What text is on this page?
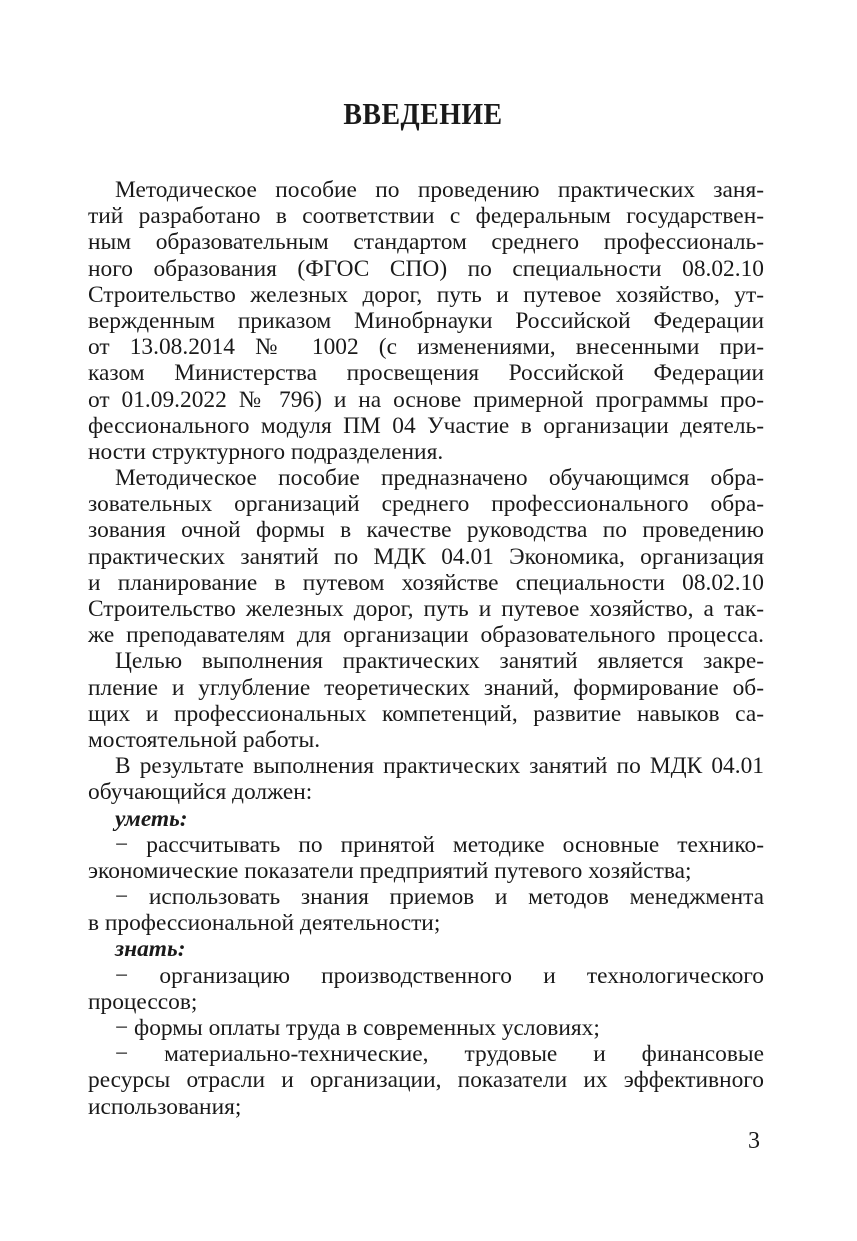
ВВЕДЕНИЕ
Методическое пособие по проведению практических заня-
тий разработано в соответствии с федеральным государствен-
ным образовательным стандартом среднего профессиональ-
ного образования (ФГОС СПО) по специальности 08.02.10
Строительство железных дорог, путь и путевое хозяйство, ут-
вержденным приказом Минобрнауки Российской Федерации
от 13.08.2014 № 1002 (с изменениями, внесенными при-
казом Министерства просвещения Российской Федерации
от 01.09.2022 № 796) и на основе примерной программы про-
фессионального модуля ПМ 04 Участие в организации деятель-
ности структурного подразделения.
Методическое пособие предназначено обучающимся обра-
зовательных организаций среднего профессионального обра-
зования очной формы в качестве руководства по проведению
практических занятий по МДК 04.01 Экономика, организация
и планирование в путевом хозяйстве специальности 08.02.10
Строительство железных дорог, путь и путевое хозяйство, а так-
же преподавателям для организации образовательного процесса.
Целью выполнения практических занятий является закре-
пление и углубление теоретических знаний, формирование об-
щих и профессиональных компетенций, развитие навыков са-
мостоятельной работы.
В результате выполнения практических занятий по МДК 04.01
обучающийся должен:
уметь:
− рассчитывать по принятой методике основные технико-
экономические показатели предприятий путевого хозяйства;
− использовать знания приемов и методов менеджмента
в профессиональной деятельности;
знать:
− организацию производственного и технологического
процессов;
− формы оплаты труда в современных условиях;
− материально-технические, трудовые и финансовые
ресурсы отрасли и организации, показатели их эффективного
использования;
3
